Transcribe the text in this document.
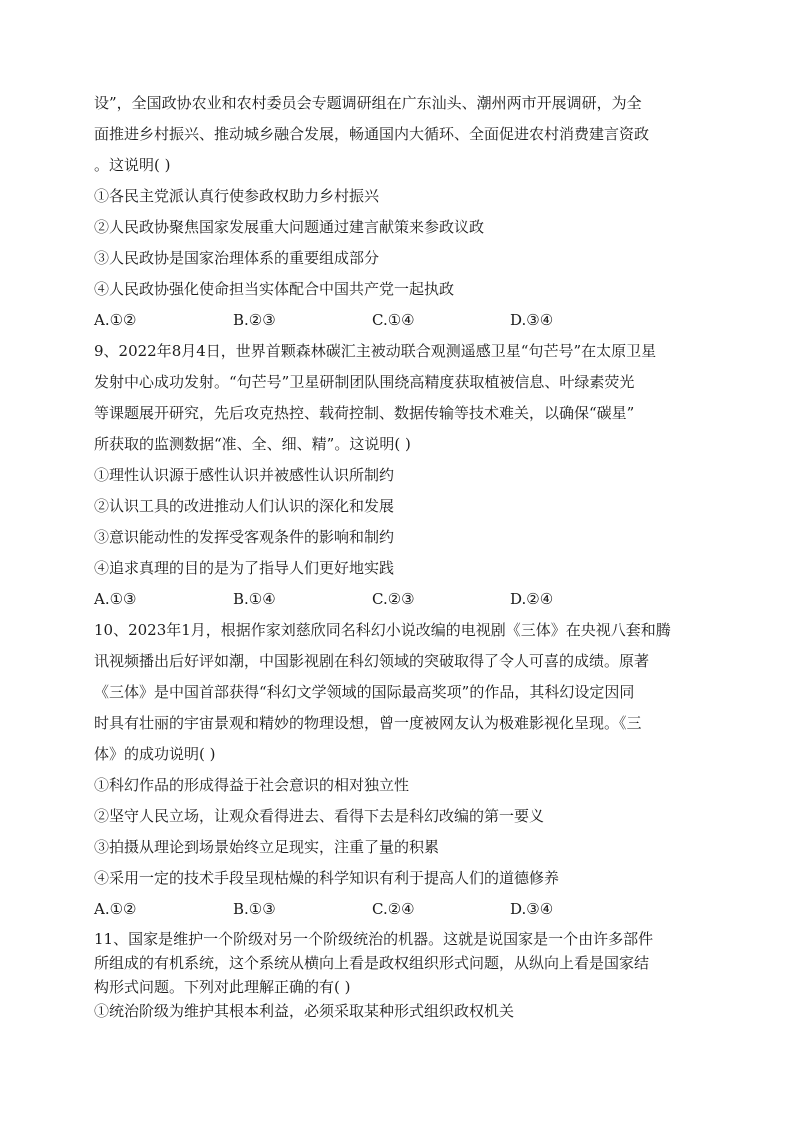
设”，全国政协农业和农村委员会专题调研组在广东汕头、潮州两市开展调研，为全

面推进乡村振兴、推动城乡融合发展，畅通国内大循环、全面促进农村消费建言资政

。这说明( )

①各民主党派认真行使参政权助力乡村振兴

②人民政协聚焦国家发展重大问题通过建言献策来参政议政

③人民政协是国家治理体系的重要组成部分

④人民政协强化使命担当实体配合中国共产党一起执政

A.①②	B.②③	C.①④	D.③④

9、2022年8月4日，世界首颗森林碳汇主被动联合观测遥感卫星“句芒号”在太原卫星

发射中心成功发射。“句芒号”卫星研制团队围绕高精度获取植被信息、叶绿素荧光

等课题展开研究，先后攻克热控、载荷控制、数据传输等技术难关，以确保“碳星”

所获取的监测数据“准、全、细、精”。这说明( )

①理性认识源于感性认识并被感性认识所制约

②认识工具的改进推动人们认识的深化和发展

③意识能动性的发挥受客观条件的影响和制约

④追求真理的目的是为了指导人们更好地实践

A.①③	B.①④	C.②③	D.②④

10、2023年1月，根据作家刘慈欣同名科幻小说改编的电视剧《三体》在央视八套和腾

讯视频播出后好评如潮，中国影视剧在科幻领域的突破取得了令人可喜的成绩。原著

《三体》是中国首部获得“科幻文学领域的国际最高奖项”的作品，其科幻设定因同

时具有壮丽的宇宙景观和精妙的物理设想，曾一度被网友认为极难影视化呈现。《三

体》的成功说明( )

①科幻作品的形成得益于社会意识的相对独立性

②坚守人民立场，让观众看得进去、看得下去是科幻改编的第一要义

③拍摄从理论到场景始终立足现实，注重了量的积累

④采用一定的技术手段呈现枯燥的科学知识有利于提高人们的道德修养

A.①②	B.①③	C.②④	D.③④

11、国家是维护一个阶级对另一个阶级统治的机器。这就是说国家是一个由许多部件

所组成的有机系统，这个系统从横向上看是政权组织形式问题，从纵向上看是国家结

构形式问题。下列对此理解正确的有( )

①统治阶级为维护其根本利益，必须采取某种形式组织政权机关
